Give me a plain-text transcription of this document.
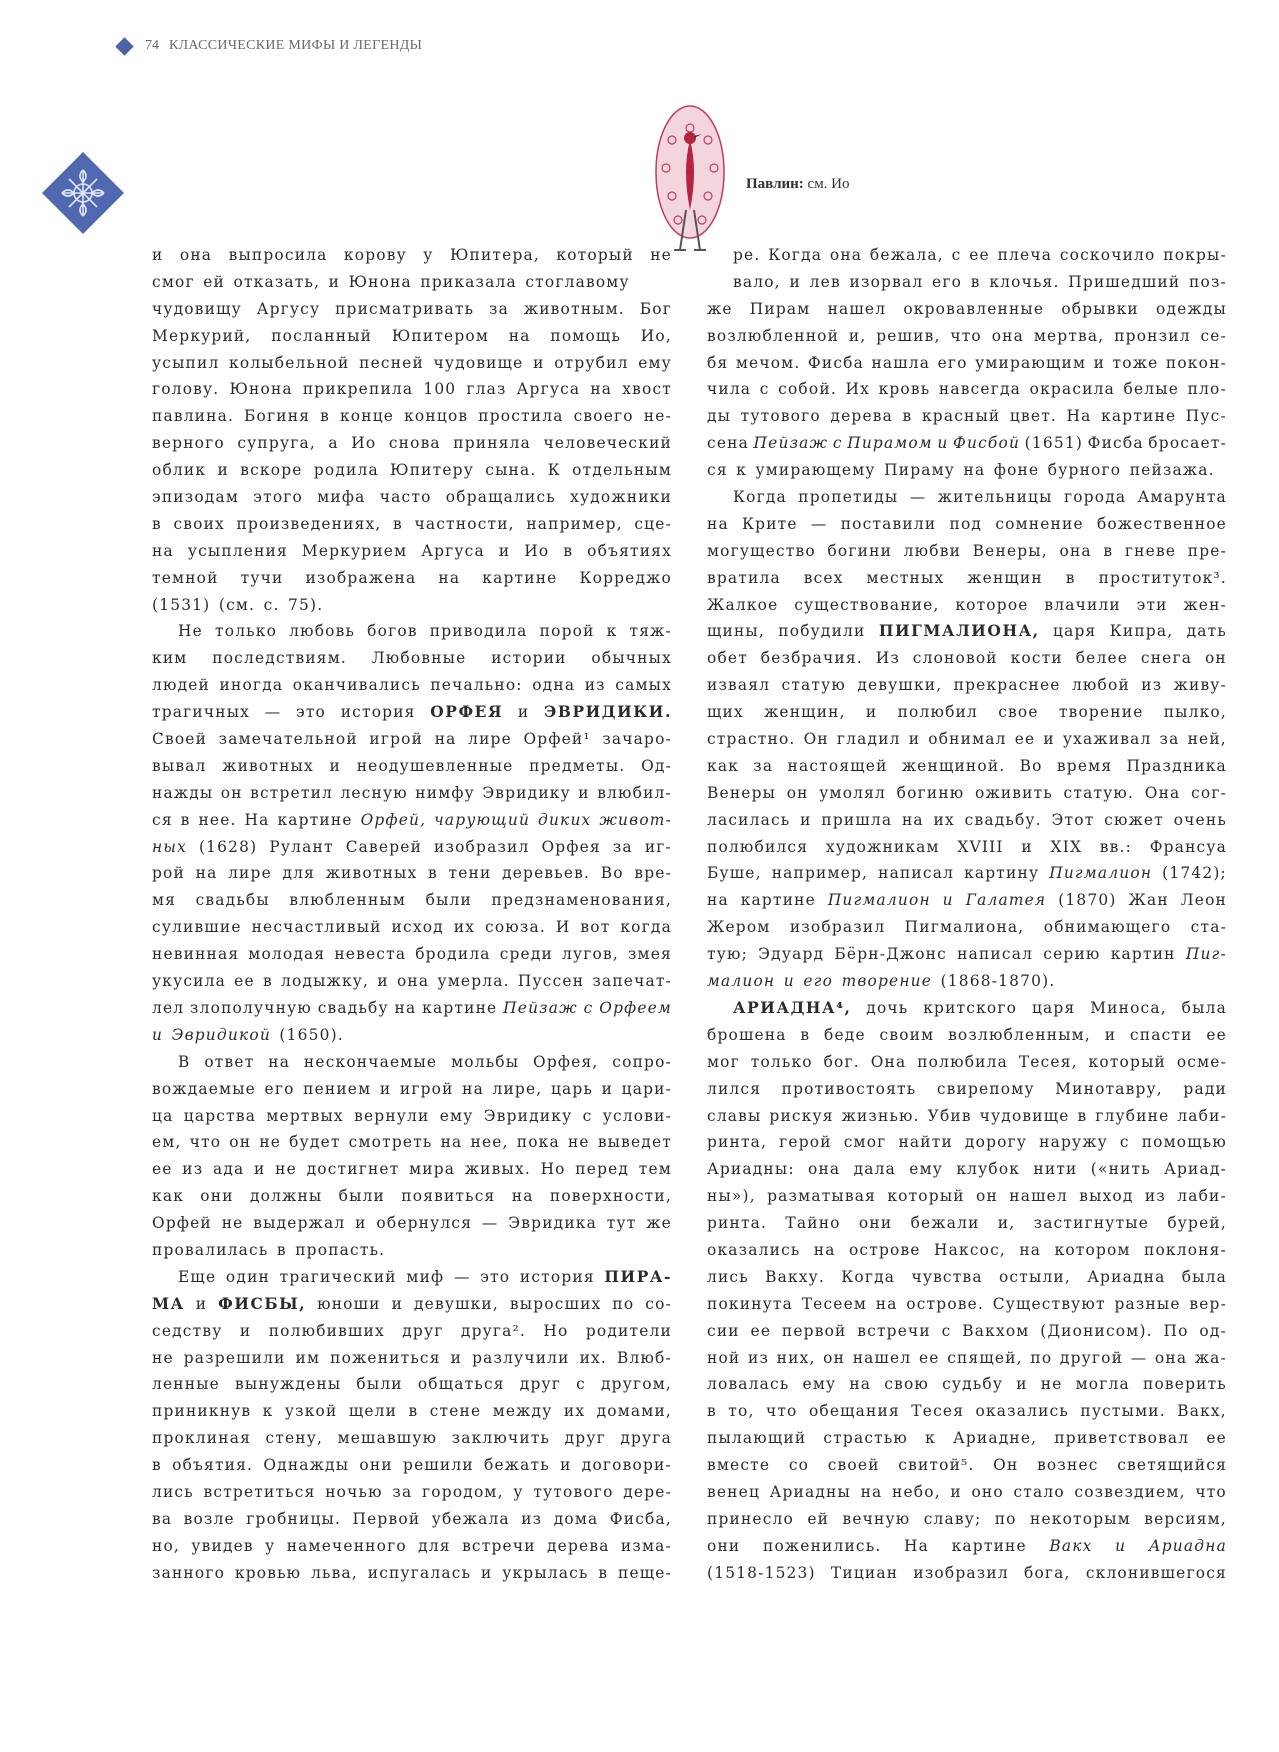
74 КЛАССИЧЕСКИЕ МИФЫ И ЛЕГЕНДЫ
Павлин: см. Ио
и она выпросила корову у Юпитера, который не
смог ей отказать, и Юнона приказала стоглавому
чудовищу Аргусу присматривать за животным. Бог
Меркурий, посланный Юпитером на помощь Ио,
усыпил колыбельной песней чудовище и отрубил ему
голову. Юнона прикрепила 100 глаз Аргуса на хвост
павлина. Богиня в конце концов простила своего не-
верного супруга, а Ио снова приняла человеческий
облик и вскоре родила Юпитеру сына. К отдельным
эпизодам этого мифа часто обращались художники
в своих произведениях, в частности, например, сце-
на усыпления Меркурием Аргуса и Ио в объятиях
темной тучи изображена на картине Корреджо
(1531) (см. с. 75).
Не только любовь богов приводила порой к тяж-
ким последствиям. Любовные истории обычных
людей иногда оканчивались печально: одна из самых
трагичных — это история ОРФЕЯ и ЭВРИДИКИ.
Своей замечательной игрой на лире Орфей¹ зачаро-
вывал животных и неодушевленные предметы. Од-
нажды он встретил лесную нимфу Эвридику и влюбил-
ся в нее. На картине Орфей, чарующий диких живот-
ных (1628) Рулант Саверей изобразил Орфея за иг-
рой на лире для животных в тени деревьев. Во вре-
мя свадьбы влюбленным были предзнаменования,
сулившие несчастливый исход их союза. И вот когда
невинная молодая невеста бродила среди лугов, змея
укусила ее в лодыжку, и она умерла. Пуссен запечат-
лел злополучную свадьбу на картине Пейзаж с Орфеем
и Эвридикой (1650).
В ответ на нескончаемые мольбы Орфея, сопро-
вождаемые его пением и игрой на лире, царь и цари-
ца царства мертвых вернули ему Эвридику с услови-
ем, что он не будет смотреть на нее, пока не выведет
ее из ада и не достигнет мира живых. Но перед тем
как они должны были появиться на поверхности,
Орфей не выдержал и обернулся — Эвридика тут же
провалилась в пропасть.
Еще один трагический миф — это история ПИРА-
МА и ФИСБЫ, юноши и девушки, выросших по со-
седству и полюбивших друг друга². Но родители
не разрешили им пожениться и разлучили их. Влюб-
ленные вынуждены были общаться друг с другом,
приникнув к узкой щели в стене между их домами,
проклиная стену, мешавшую заключить друг друга
в объятия. Однажды они решили бежать и договори-
лись встретиться ночью за городом, у тутового дере-
ва возле гробницы. Первой убежала из дома Фисба,
но, увидев у намеченного для встречи дерева изма-
занного кровью льва, испугалась и укрылась в пеще-
ре. Когда она бежала, с ее плеча соскочило покры-
вало, и лев изорвал его в клочья. Пришедший поз-
же Пирам нашел окровавленные обрывки одежды
возлюбленной и, решив, что она мертва, пронзил се-
бя мечом. Фисба нашла его умирающим и тоже покон-
чила с собой. Их кровь навсегда окрасила белые пло-
ды тутового дерева в красный цвет. На картине Пус-
сена Пейзаж с Пирамом и Фисбой (1651) Фисба бросает-
ся к умирающему Пираму на фоне бурного пейзажа.
Когда пропетиды — жительницы города Амарунта
на Крите — поставили под сомнение божественное
могущество богини любви Венеры, она в гневе пре-
вратила всех местных женщин в проституток³.
Жалкое существование, которое влачили эти жен-
щины, побудили ПИГМАЛИОНА, царя Кипра, дать
обет безбрачия. Из слоновой кости белее снега он
изваял статую девушки, прекраснее любой из живу-
щих женщин, и полюбил свое творение пылко,
страстно. Он гладил и обнимал ее и ухаживал за ней,
как за настоящей женщиной. Во время Праздника
Венеры он умолял богиню оживить статую. Она сог-
ласилась и пришла на их свадьбу. Этот сюжет очень
полюбился художникам XVIII и XIX вв.: Франсуа
Буше, например, написал картину Пигмалион (1742);
на картине Пигмалион и Галатея (1870) Жан Леон
Жером изобразил Пигмалиона, обнимающего ста-
тую; Эдуард Бёрн-Джонс написал серию картин Пиг-
малион и его творение (1868-1870).
АРИАДНА⁴, дочь критского царя Миноса, была
брошена в беде своим возлюбленным, и спасти ее
мог только бог. Она полюбила Тесея, который осме-
лился противостоять свирепому Минотавру, ради
славы рискуя жизнью. Убив чудовище в глубине лаби-
ринта, герой смог найти дорогу наружу с помощью
Ариадны: она дала ему клубок нити («нить Ариад-
ны»), разматывая который он нашел выход из лаби-
ринта. Тайно они бежали и, застигнутые бурей,
оказались на острове Наксос, на котором поклоня-
лись Вакху. Когда чувства остыли, Ариадна была
покинута Тесеем на острове. Существуют разные вер-
сии ее первой встречи с Вакхом (Дионисом). По од-
ной из них, он нашел ее спящей, по другой — она жа-
ловалась ему на свою судьбу и не могла поверить
в то, что обещания Тесея оказались пустыми. Вакх,
пылающий страстью к Ариадне, приветствовал ее
вместе со своей свитой⁵. Он вознес светящийся
венец Ариадны на небо, и оно стало созвездием, что
принесло ей вечную славу; по некоторым версиям,
они поженились. На картине Вакх и Ариадна
(1518-1523) Тициан изобразил бога, склонившегося
